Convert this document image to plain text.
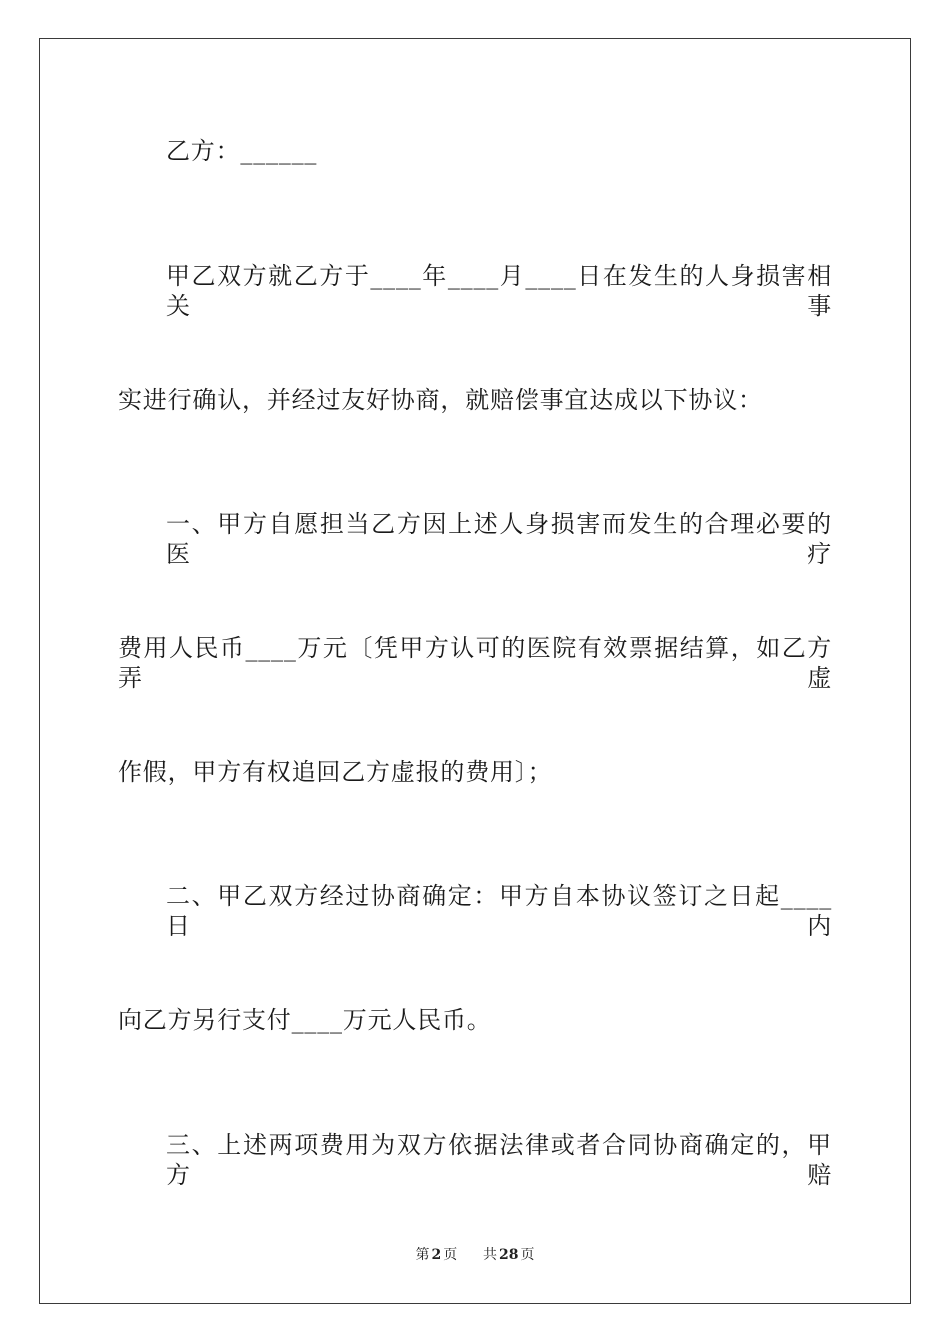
乙方：______
甲乙双方就乙方于____年____月____日在发生的人身损害相关事
实进行确认，并经过友好协商，就赔偿事宜达成以下协议：
一、甲方自愿担当乙方因上述人身损害而发生的合理必要的医疗
费用人民币____万元〔凭甲方认可的医院有效票据结算，如乙方弄虚
作假，甲方有权追回乙方虚报的费用〕；
二、甲乙双方经过协商确定：甲方自本协议签订之日起____日内
向乙方另行支付____万元人民币。
三、上述两项费用为双方依据法律或者合同协商确定的，甲方赔
第 2 页 共 28 页
